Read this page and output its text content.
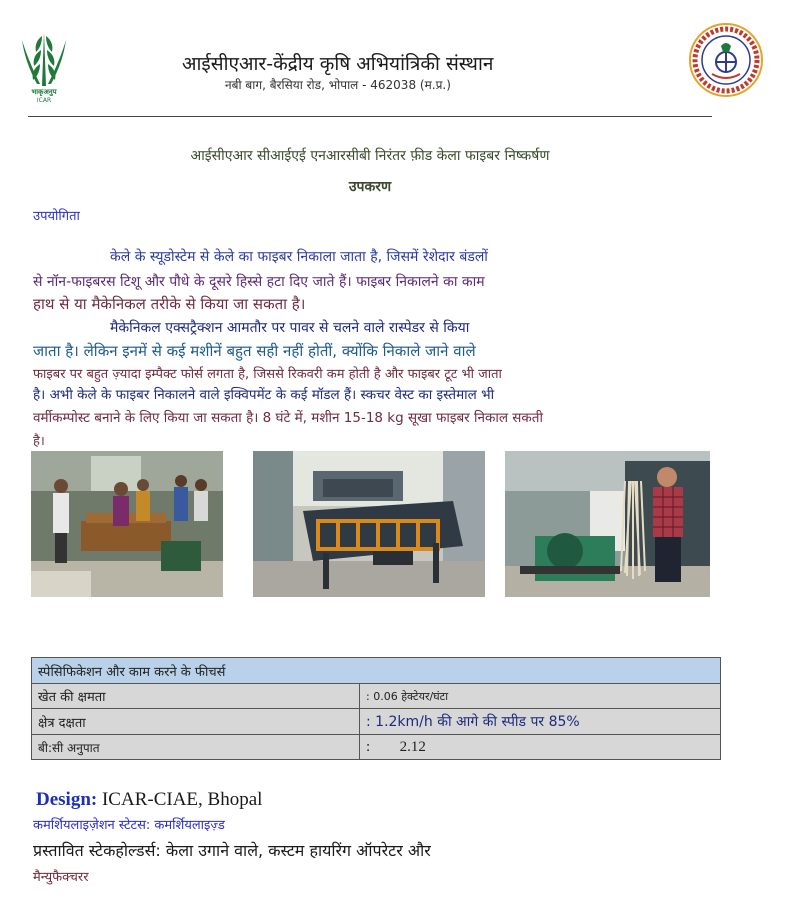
भाकृअनुप
ICAR
आईसीएआर-केंद्रीय कृषि अभियांत्रिकी संस्थान
नबी बाग, बैरसिया रोड, भोपाल - 462038 (म.प्र.)
आईसीएआर सीआईएई एनआरसीबी निरंतर फ़ीड केला फाइबर निष्कर्षण
उपकरण
उपयोगिता
केले के स्यूडोस्टेम से केले का फाइबर निकाला जाता है, जिसमें रेशेदार बंडलों
से नॉन-फाइबरस टिशू और पौधे के दूसरे हिस्से हटा दिए जाते हैं। फाइबर निकालने का काम
हाथ से या मैकेनिकल तरीके से किया जा सकता है।
मैकेनिकल एक्सट्रैक्शन आमतौर पर पावर से चलने वाले रास्पेडर से किया
जाता है। लेकिन इनमें से कई मशीनें बहुत सही नहीं होतीं, क्योंकि निकाले जाने वाले
फाइबर पर बहुत ज़्यादा इम्पैक्ट फोर्स लगता है, जिससे रिकवरी कम होती है और फाइबर टूट भी जाता
है। अभी केले के फाइबर निकालने वाले इक्विपमेंट के कई मॉडल हैं। स्कचर वेस्ट का इस्तेमाल भी
वर्मीकम्पोस्ट बनाने के लिए किया जा सकता है। 8 घंटे में, मशीन 15-18 kg सूखा फाइबर निकाल सकती
है।
स्पेसिफिकेशन और काम करने के फीचर्स	
खेत की क्षमता	: 0.06 हेक्टेयर/घंटा
क्षेत्र दक्षता	: 1.2km/h की आगे की स्पीड पर 85%
बी:सी अनुपात	: 2.12
Design: ICAR-CIAE, Bhopal
कमर्शियलाइज़ेशन स्टेटस: कमर्शियलाइज़्ड
प्रस्तावित स्टेकहोल्डर्स: केला उगाने वाले, कस्टम हायरिंग ऑपरेटर और
मैन्युफैक्चरर
